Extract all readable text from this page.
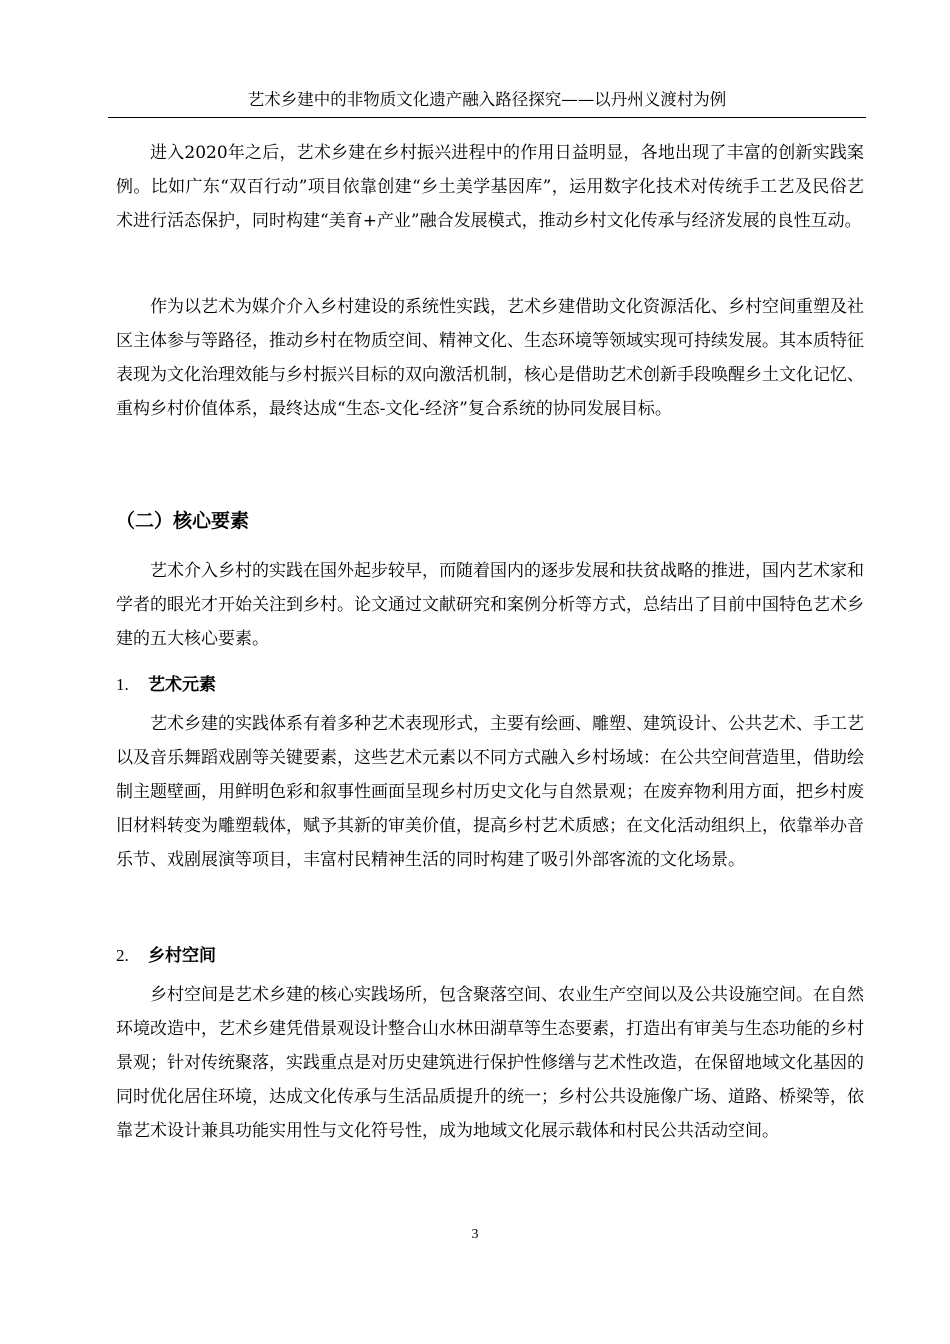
艺术乡建中的非物质文化遗产融入路径探究——以丹州义渡村为例

进入2020年之后，艺术乡建在乡村振兴进程中的作用日益明显，各地出现了丰富的创新实践案例。比如广东“双百行动”项目依靠创建“乡土美学基因库”，运用数字化技术对传统手工艺及民俗艺术进行活态保护，同时构建“美育+产业”融合发展模式，推动乡村文化传承与经济发展的良性互动。

作为以艺术为媒介介入乡村建设的系统性实践，艺术乡建借助文化资源活化、乡村空间重塑及社区主体参与等路径，推动乡村在物质空间、精神文化、生态环境等领域实现可持续发展。其本质特征表现为文化治理效能与乡村振兴目标的双向激活机制，核心是借助艺术创新手段唤醒乡土文化记忆、重构乡村价值体系，最终达成“生态-文化-经济”复合系统的协同发展目标。

（二）核心要素

艺术介入乡村的实践在国外起步较早，而随着国内的逐步发展和扶贫战略的推进，国内艺术家和学者的眼光才开始关注到乡村。论文通过文献研究和案例分析等方式，总结出了目前中国特色艺术乡建的五大核心要素。

1. 艺术元素

艺术乡建的实践体系有着多种艺术表现形式，主要有绘画、雕塑、建筑设计、公共艺术、手工艺以及音乐舞蹈戏剧等关键要素，这些艺术元素以不同方式融入乡村场域：在公共空间营造里，借助绘制主题壁画，用鲜明色彩和叙事性画面呈现乡村历史文化与自然景观；在废弃物利用方面，把乡村废旧材料转变为雕塑载体，赋予其新的审美价值，提高乡村艺术质感；在文化活动组织上，依靠举办音乐节、戏剧展演等项目，丰富村民精神生活的同时构建了吸引外部客流的文化场景。

2. 乡村空间

乡村空间是艺术乡建的核心实践场所，包含聚落空间、农业生产空间以及公共设施空间。在自然环境改造中，艺术乡建凭借景观设计整合山水林田湖草等生态要素，打造出有审美与生态功能的乡村景观；针对传统聚落，实践重点是对历史建筑进行保护性修缮与艺术性改造，在保留地域文化基因的同时优化居住环境，达成文化传承与生活品质提升的统一；乡村公共设施像广场、道路、桥梁等，依靠艺术设计兼具功能实用性与文化符号性，成为地域文化展示载体和村民公共活动空间。

3
